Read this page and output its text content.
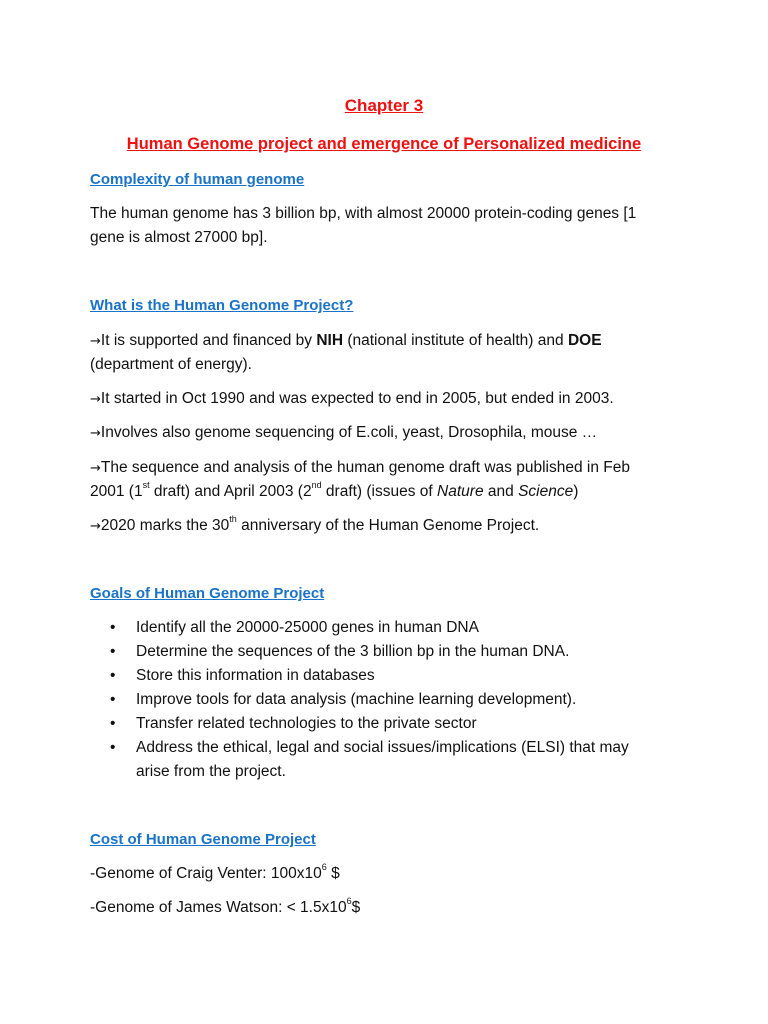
Chapter 3

Human Genome project and emergence of Personalized medicine

Complexity of human genome

The human genome has 3 billion bp, with almost 20000 protein-coding genes [1

gene is almost 27000 bp].

What is the Human Genome Project?

→It is supported and financed by NIH (national institute of health) and DOE

(department of energy).

→It started in Oct 1990 and was expected to end in 2005, but ended in 2003.

→Involves also genome sequencing of E.coli, yeast, Drosophila, mouse …

→The sequence and analysis of the human genome draft was published in Feb

2001 (1st draft) and April 2003 (2nd draft) (issues of Nature and Science)

→2020 marks the 30th anniversary of the Human Genome Project.

Goals of Human Genome Project

•	Identify all the 20000-25000 genes in human DNA
•	Determine the sequences of the 3 billion bp in the human DNA.
•	Store this information in databases
•	Improve tools for data analysis (machine learning development).
•	Transfer related technologies to the private sector
•	Address the ethical, legal and social issues/implications (ELSI) that may
arise from the project.

Cost of Human Genome Project

-Genome of Craig Venter: $100x10^6$ $

-Genome of James Watson: < $1.5x10^6\$$
